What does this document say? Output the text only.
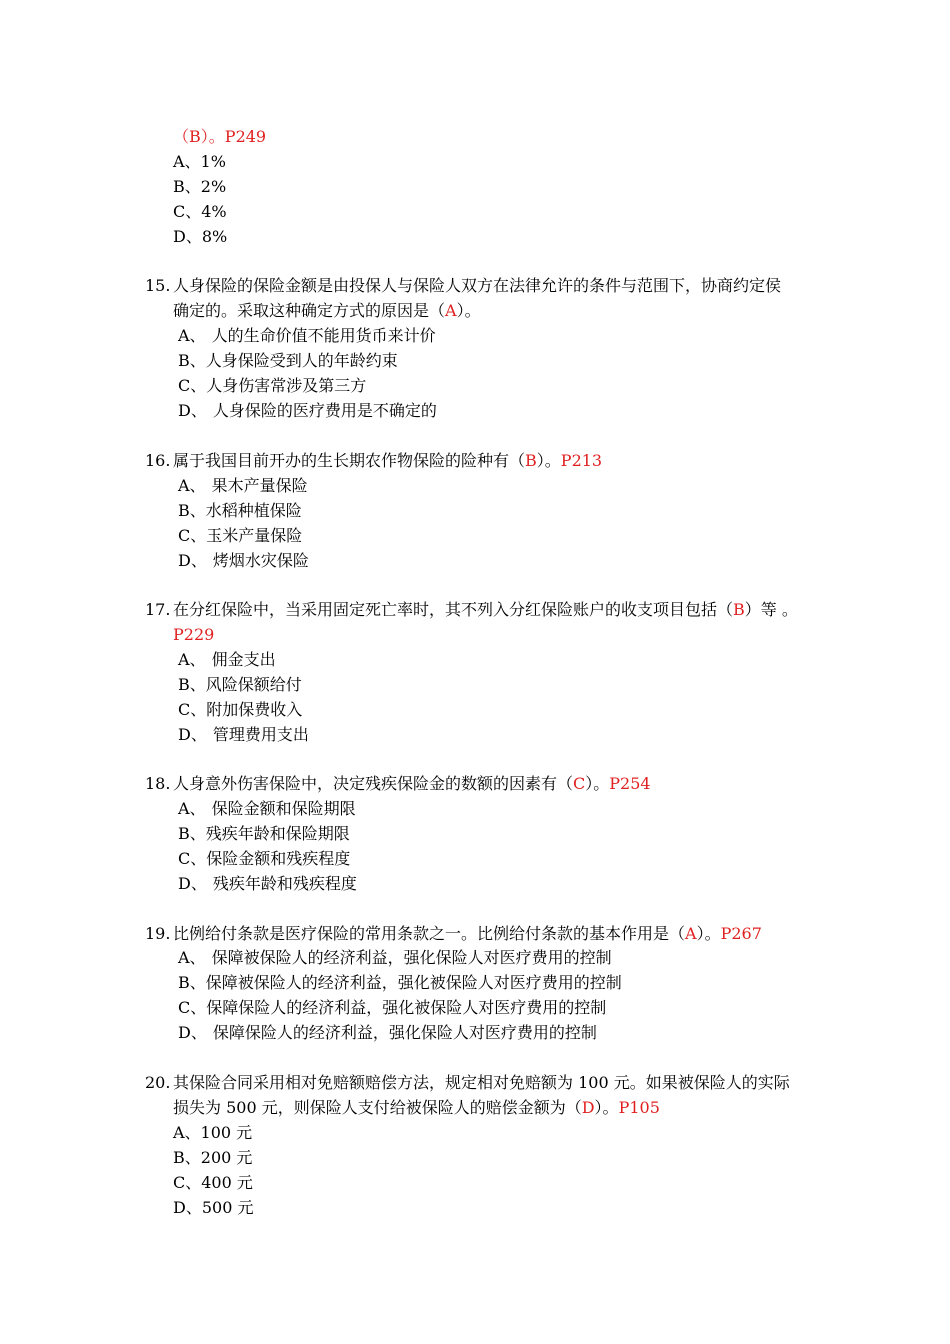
（B）。P249
A、1%
B、2%
C、4%
D、8%
15. 人身保险的保险金额是由投保人与保险人双方在法律允许的条件与范围下，协商约定侯
确定的。采取这种确定方式的原因是（A）。
A、 人的生命价值不能用货币来计价
B、人身保险受到人的年龄约束
C、人身伤害常涉及第三方
D、 人身保险的医疗费用是不确定的
16. 属于我国目前开办的生长期农作物保险的险种有（B）。P213
A、 果木产量保险
B、水稻种植保险
C、玉米产量保险
D、 烤烟水灾保险
17. 在分红保险中，当采用固定死亡率时，其不列入分红保险账户的收支项目包括（B）等 。
P229
A、 佣金支出
B、风险保额给付
C、附加保费收入
D、 管理费用支出
18. 人身意外伤害保险中，决定残疾保险金的数额的因素有（C）。P254
A、 保险金额和保险期限
B、残疾年龄和保险期限
C、保险金额和残疾程度
D、 残疾年龄和残疾程度
19. 比例给付条款是医疗保险的常用条款之一。比例给付条款的基本作用是（A）。P267
A、 保障被保险人的经济利益，强化保险人对医疗费用的控制
B、保障被保险人的经济利益，强化被保险人对医疗费用的控制
C、保障保险人的经济利益，强化被保险人对医疗费用的控制
D、 保障保险人的经济利益，强化保险人对医疗费用的控制
20. 其保险合同采用相对免赔额赔偿方法，规定相对免赔额为 100 元。如果被保险人的实际
损失为 500 元，则保险人支付给被保险人的赔偿金额为（D）。P105
A、100 元
B、200 元
C、400 元
D、500 元
